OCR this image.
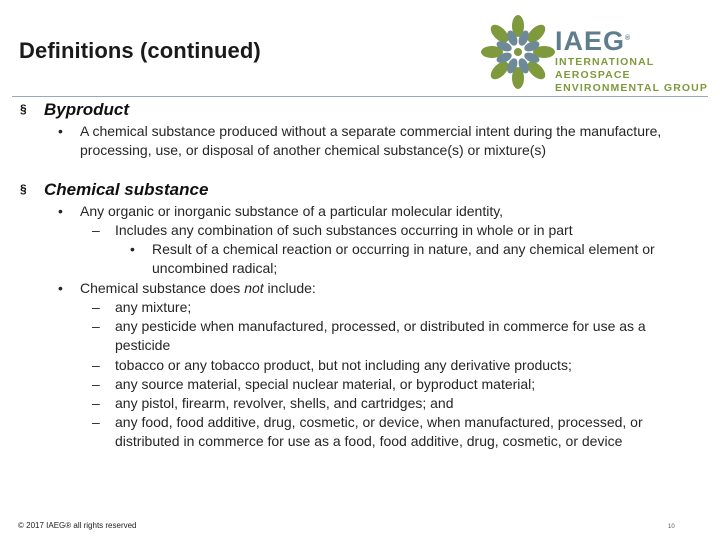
Definitions (continued)	IAEG®
INTERNATIONAL AEROSPACE
ENVIRONMENTAL GROUP
§ Byproduct
• A chemical substance produced without a separate commercial intent during the manufacture, processing, use, or disposal of another chemical substance(s) or mixture(s)
§ Chemical substance
• Any organic or inorganic substance of a particular molecular identity,
– Includes any combination of such substances occurring in whole or in part
• Result of a chemical reaction or occurring in nature, and any chemical element or uncombined radical;
• Chemical substance does not include:
– any mixture;
– any pesticide when manufactured, processed, or distributed in commerce for use as a pesticide
– tobacco or any tobacco product, but not including any derivative products;
– any source material, special nuclear material, or byproduct material;
– any pistol, firearm, revolver, shells, and cartridges; and
– any food, food additive, drug, cosmetic, or device, when manufactured, processed, or distributed in commerce for use as a food, food additive, drug, cosmetic, or device
© 2017 IAEG® all rights reserved	10
